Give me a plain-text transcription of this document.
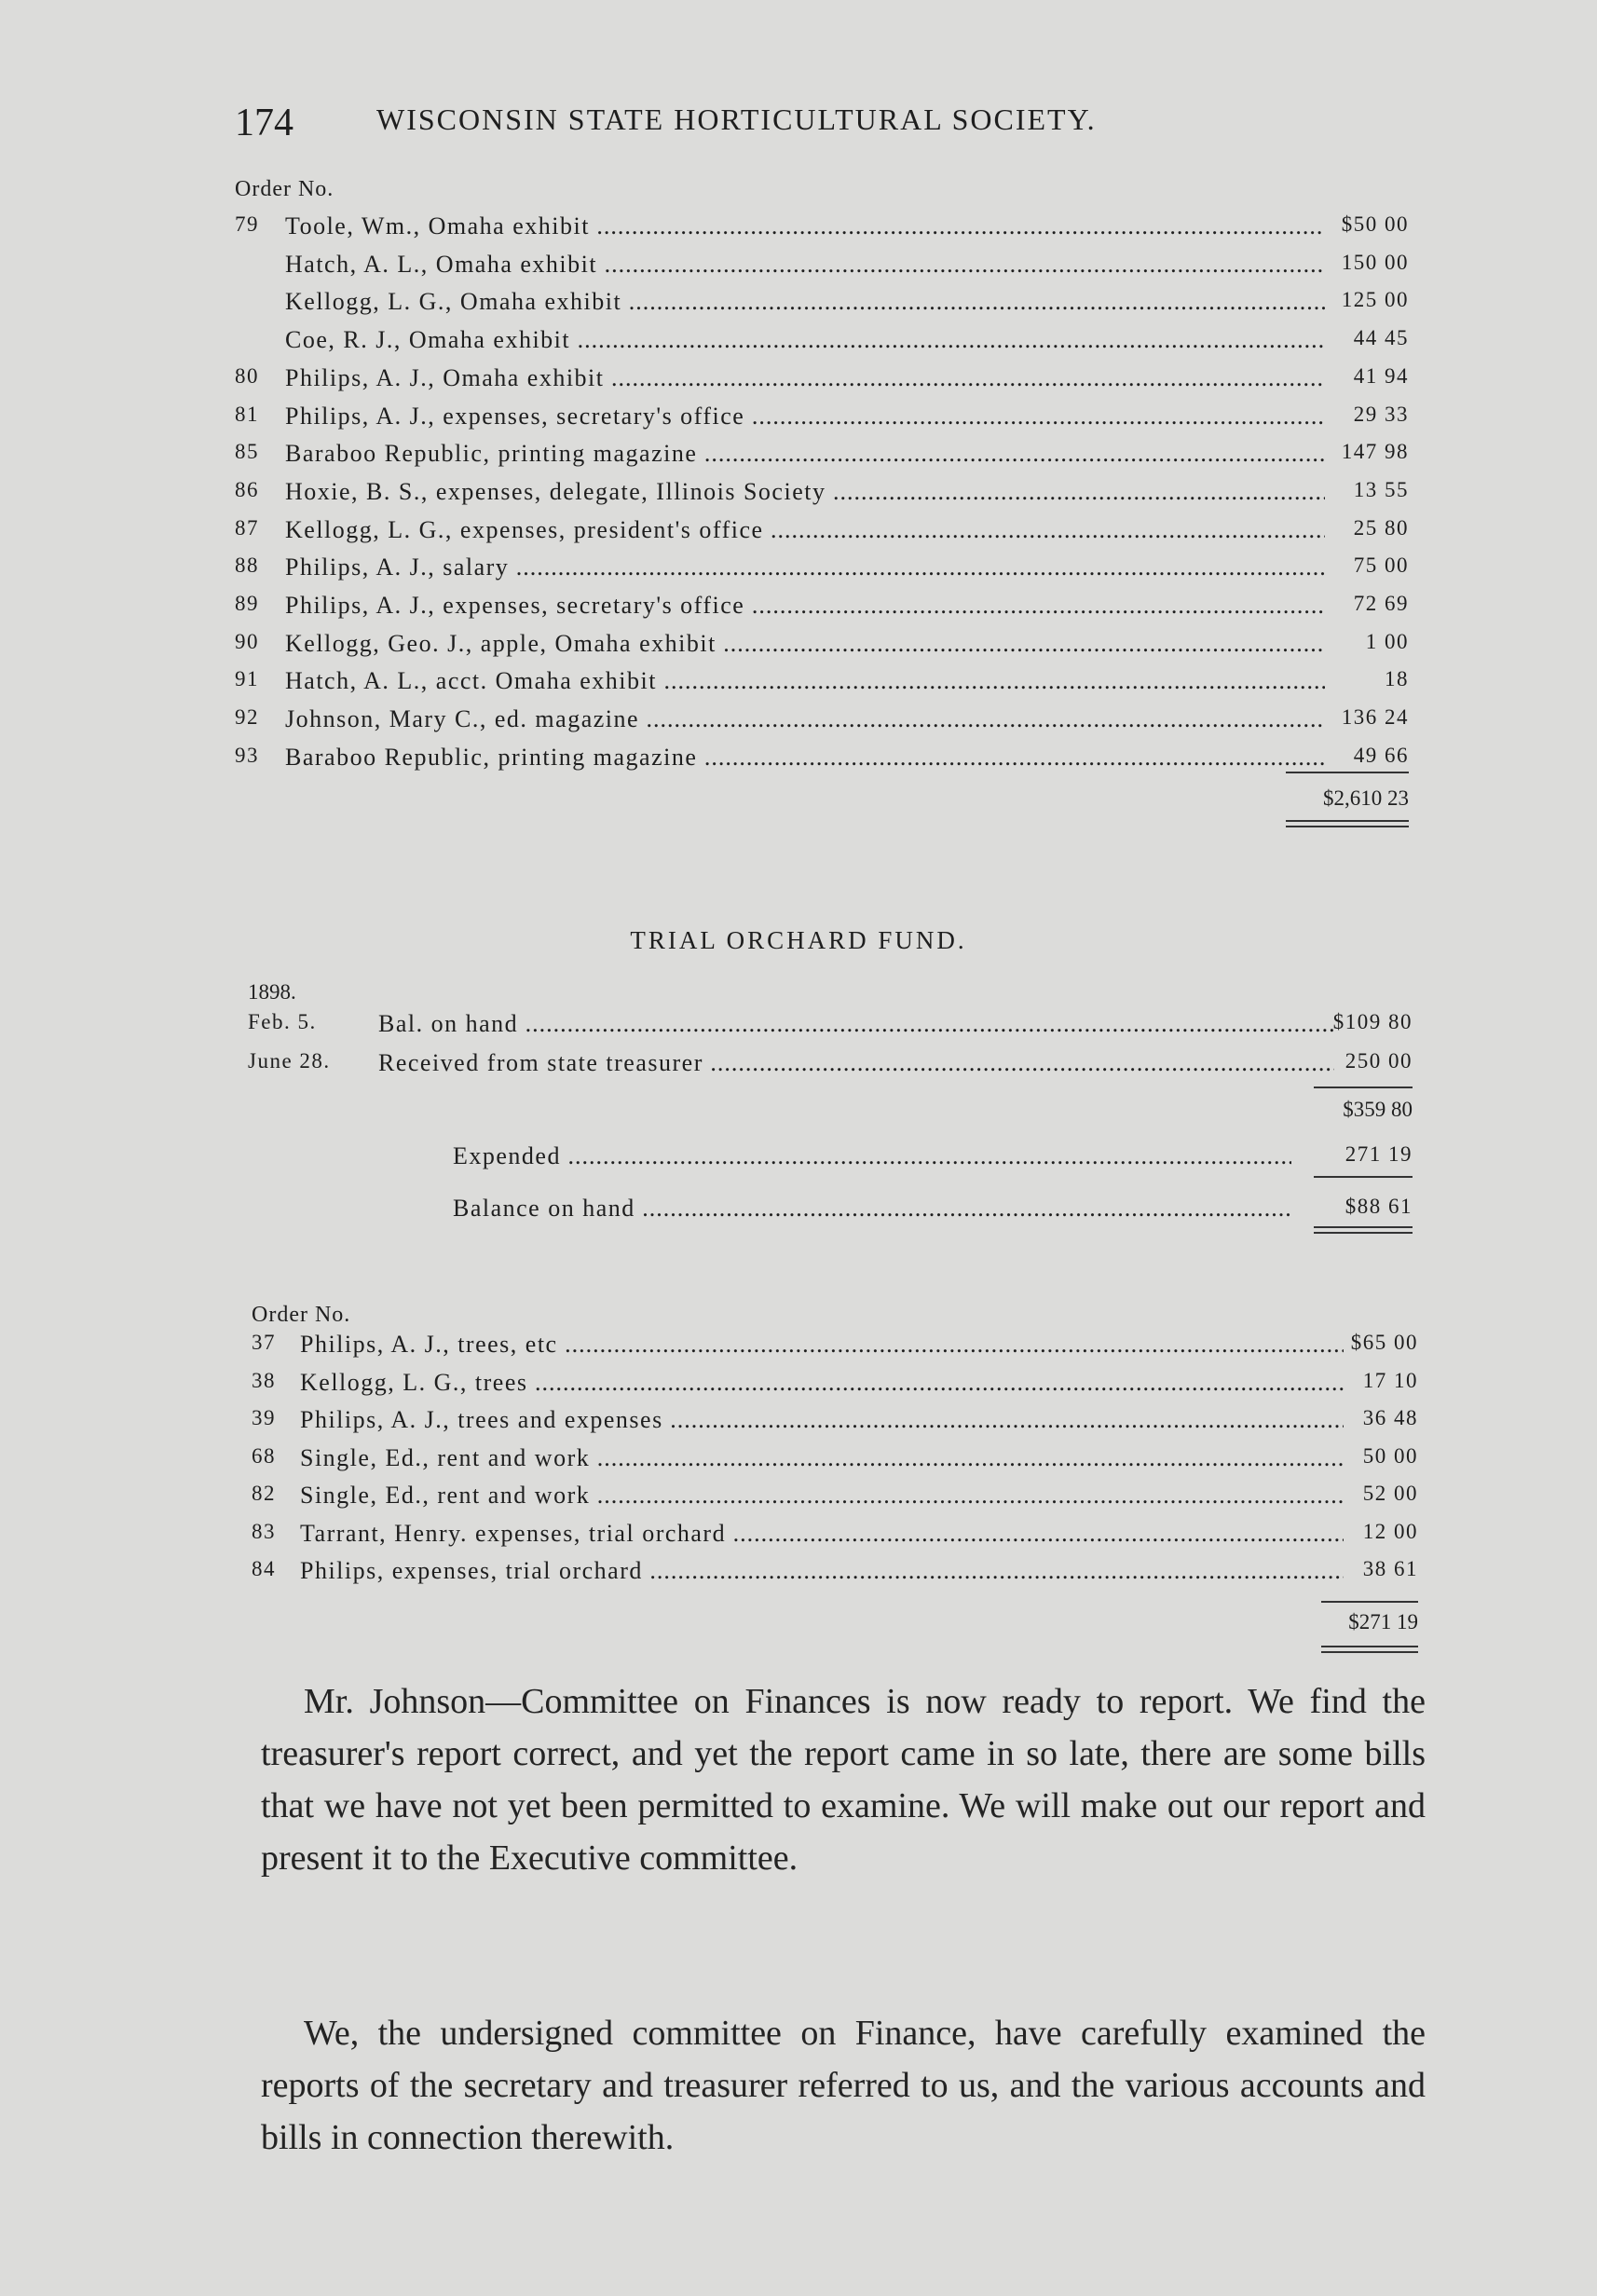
174	WISCONSIN STATE HORTICULTURAL SOCIETY.
Order No.
79 Toole, Wm., Omaha exhibit .....	$50 00
Hatch, A. L., Omaha exhibit .....	150 00
Kellogg, L. G., Omaha exhibit .....	125 00
Coe, R. J., Omaha exhibit .....	44 45
80 Philips, A. J., Omaha exhibit .....	41 94
81 Philips, A. J., expenses, secretary's office .....	29 33
85 Baraboo Republic, printing magazine .....	147 98
86 Hoxie, B. S., expenses, delegate, Illinois Society .....	13 55
87 Kellogg, L. G., expenses, president's office .....	25 80
88 Philips, A. J., salary .....	75 00
89 Philips, A. J., expenses, secretary's office .....	72 69
90 Kellogg, Geo. J., apple, Omaha exhibit .....	1 00
91 Hatch, A. L., acct. Omaha exhibit .....	18
92 Johnson, Mary C., ed. magazine .....	136 24
93 Baraboo Republic, printing magazine .....	49 66
$2,610 23
TRIAL ORCHARD FUND.
1898.
Feb. 5.	Bal. on hand .....	$109 80
June 28. Received from state treasurer .....	250 00
$359 80
Expended .....	271 19
Balance on hand .....	$88 61
Order No.
37 Philips, A. J., trees, etc .....	$65 00
38 Kellogg, L. G., trees .....	17 10
39 Philips, A. J., trees and expenses .....	36 48
68 Single, Ed., rent and work .....	50 00
82 Single, Ed., rent and work .....	52 00
83 Tarrant, Henry. expenses, trial orchard .....	12 00
84 Philips, expenses, trial orchard .....	38 61
$271 19

Mr. Johnson—Committee on Finances is now ready to report. We find the treasurer's report correct, and yet the report came in so late, there are some bills that we have not yet been permitted to examine. We will make out our report and present it to the Executive committee.

We, the undersigned committee on Finance, have carefully examined the reports of the secretary and treasurer referred to us, and the various accounts and bills in connection therewith.
